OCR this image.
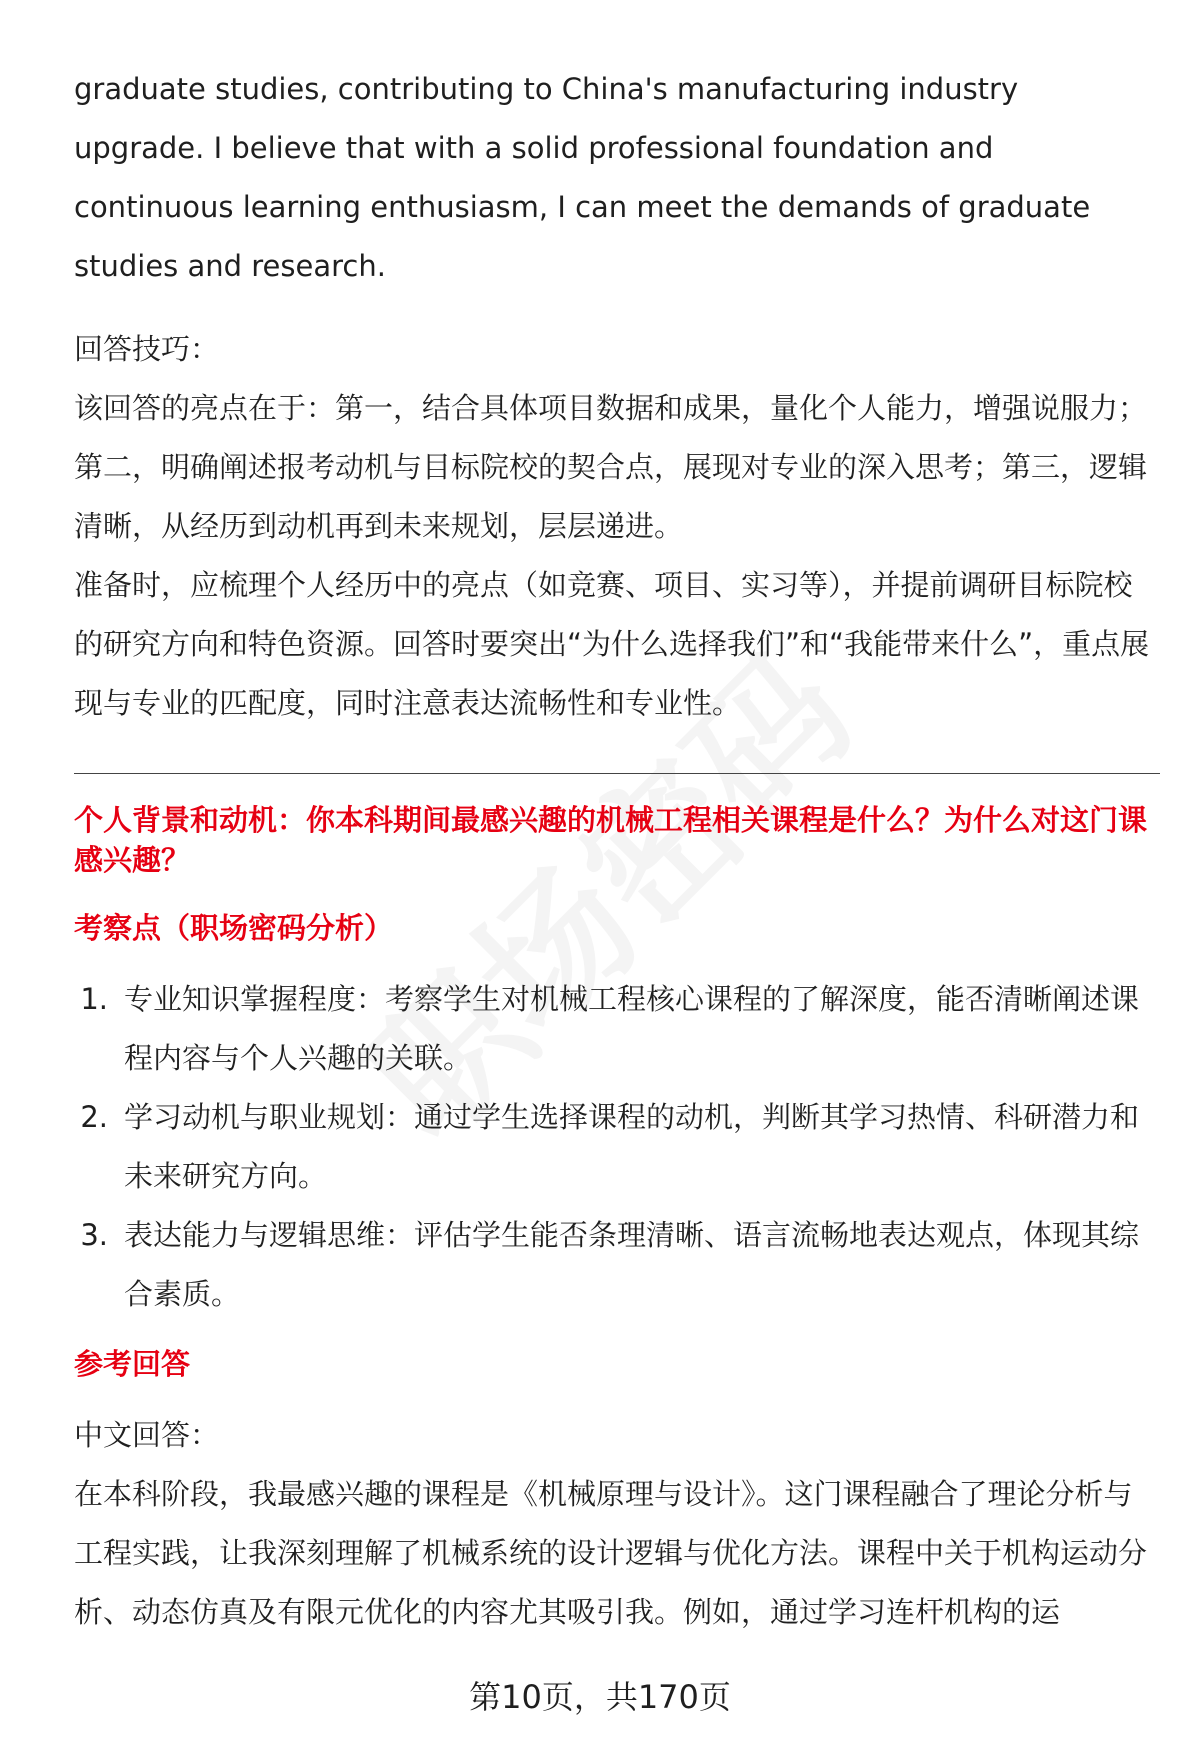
graduate studies, contributing to China's manufacturing industry upgrade. I believe that with a solid professional foundation and continuous learning enthusiasm, I can meet the demands of graduate studies and research.

回答技巧：

该回答的亮点在于：第一，结合具体项目数据和成果，量化个人能力，增强说服力；第二，明确阐述报考动机与目标院校的契合点，展现对专业的深入思考；第三，逻辑清晰，从经历到动机再到未来规划，层层递进。

准备时，应梳理个人经历中的亮点（如竞赛、项目、实习等），并提前调研目标院校的研究方向和特色资源。回答时要突出“为什么选择我们”和“我能带来什么”，重点展现与专业的匹配度，同时注意表达流畅性和专业性。

个人背景和动机：你本科期间最感兴趣的机械工程相关课程是什么？为什么对这门课感兴趣？

考察点（职场密码分析）

1. 专业知识掌握程度：考察学生对机械工程核心课程的了解深度，能否清晰阐述课程内容与个人兴趣的关联。
2. 学习动机与职业规划：通过学生选择课程的动机，判断其学习热情、科研潜力和未来研究方向。
3. 表达能力与逻辑思维：评估学生能否条理清晰、语言流畅地表达观点，体现其综合素质。

参考回答

中文回答：

在本科阶段，我最感兴趣的课程是《机械原理与设计》。这门课程融合了理论分析与工程实践，让我深刻理解了机械系统的设计逻辑与优化方法。课程中关于机构运动分析、动态仿真及有限元优化的内容尤其吸引我。例如，通过学习连杆机构的运

第10页，共170页
